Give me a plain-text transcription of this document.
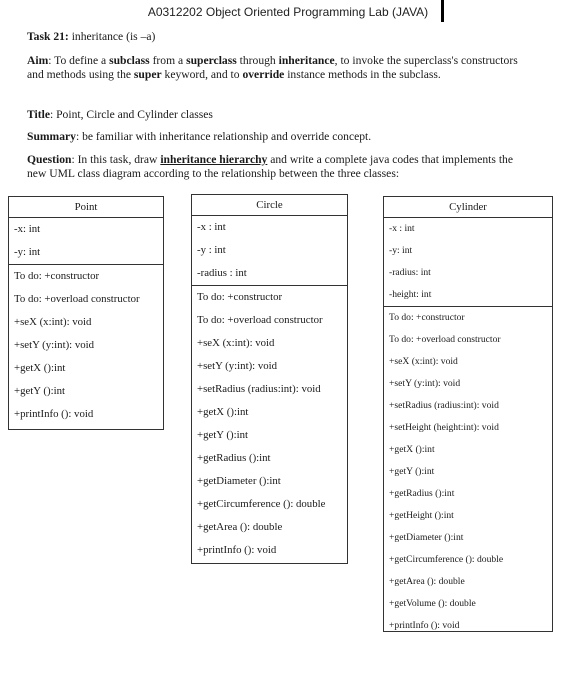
A0312202 Object Oriented Programming Lab (JAVA)
Task 21: inheritance (is –a)
Aim: To define a subclass from a superclass through inheritance, to invoke the superclass's constructors and methods using the super keyword, and to override instance methods in the subclass.
Title: Point, Circle and Cylinder classes
Summary: be familiar with inheritance relationship and override concept.
Question: In this task, draw inheritance hierarchy and write a complete java codes that implements the new UML class diagram according to the relationship between the three classes:
Point
-x: int
-y: int
To do: +constructor
To do: +overload constructor
+seX (x:int): void
+setY (y:int): void
+getX ():int
+getY ():int
+printInfo (): void
Circle
-x : int
-y : int
-radius : int
To do: +constructor
To do: +overload constructor
+seX (x:int): void
+setY (y:int): void
+setRadius (radius:int): void
+getX ():int
+getY ():int
+getRadius ():int
+getDiameter ():int
+getCircumference (): double
+getArea (): double
+printInfo (): void
Cylinder
-x : int
-y: int
-radius: int
-height: int
To do: +constructor
To do: +overload constructor
+seX (x:int): void
+setY (y:int): void
+setRadius (radius:int): void
+setHeight (height:int): void
+getX ():int
+getY ():int
+getRadius ():int
+getHeight ():int
+getDiameter ():int
+getCircumference (): double
+getArea (): double
+getVolume (): double
+printInfo (): void
